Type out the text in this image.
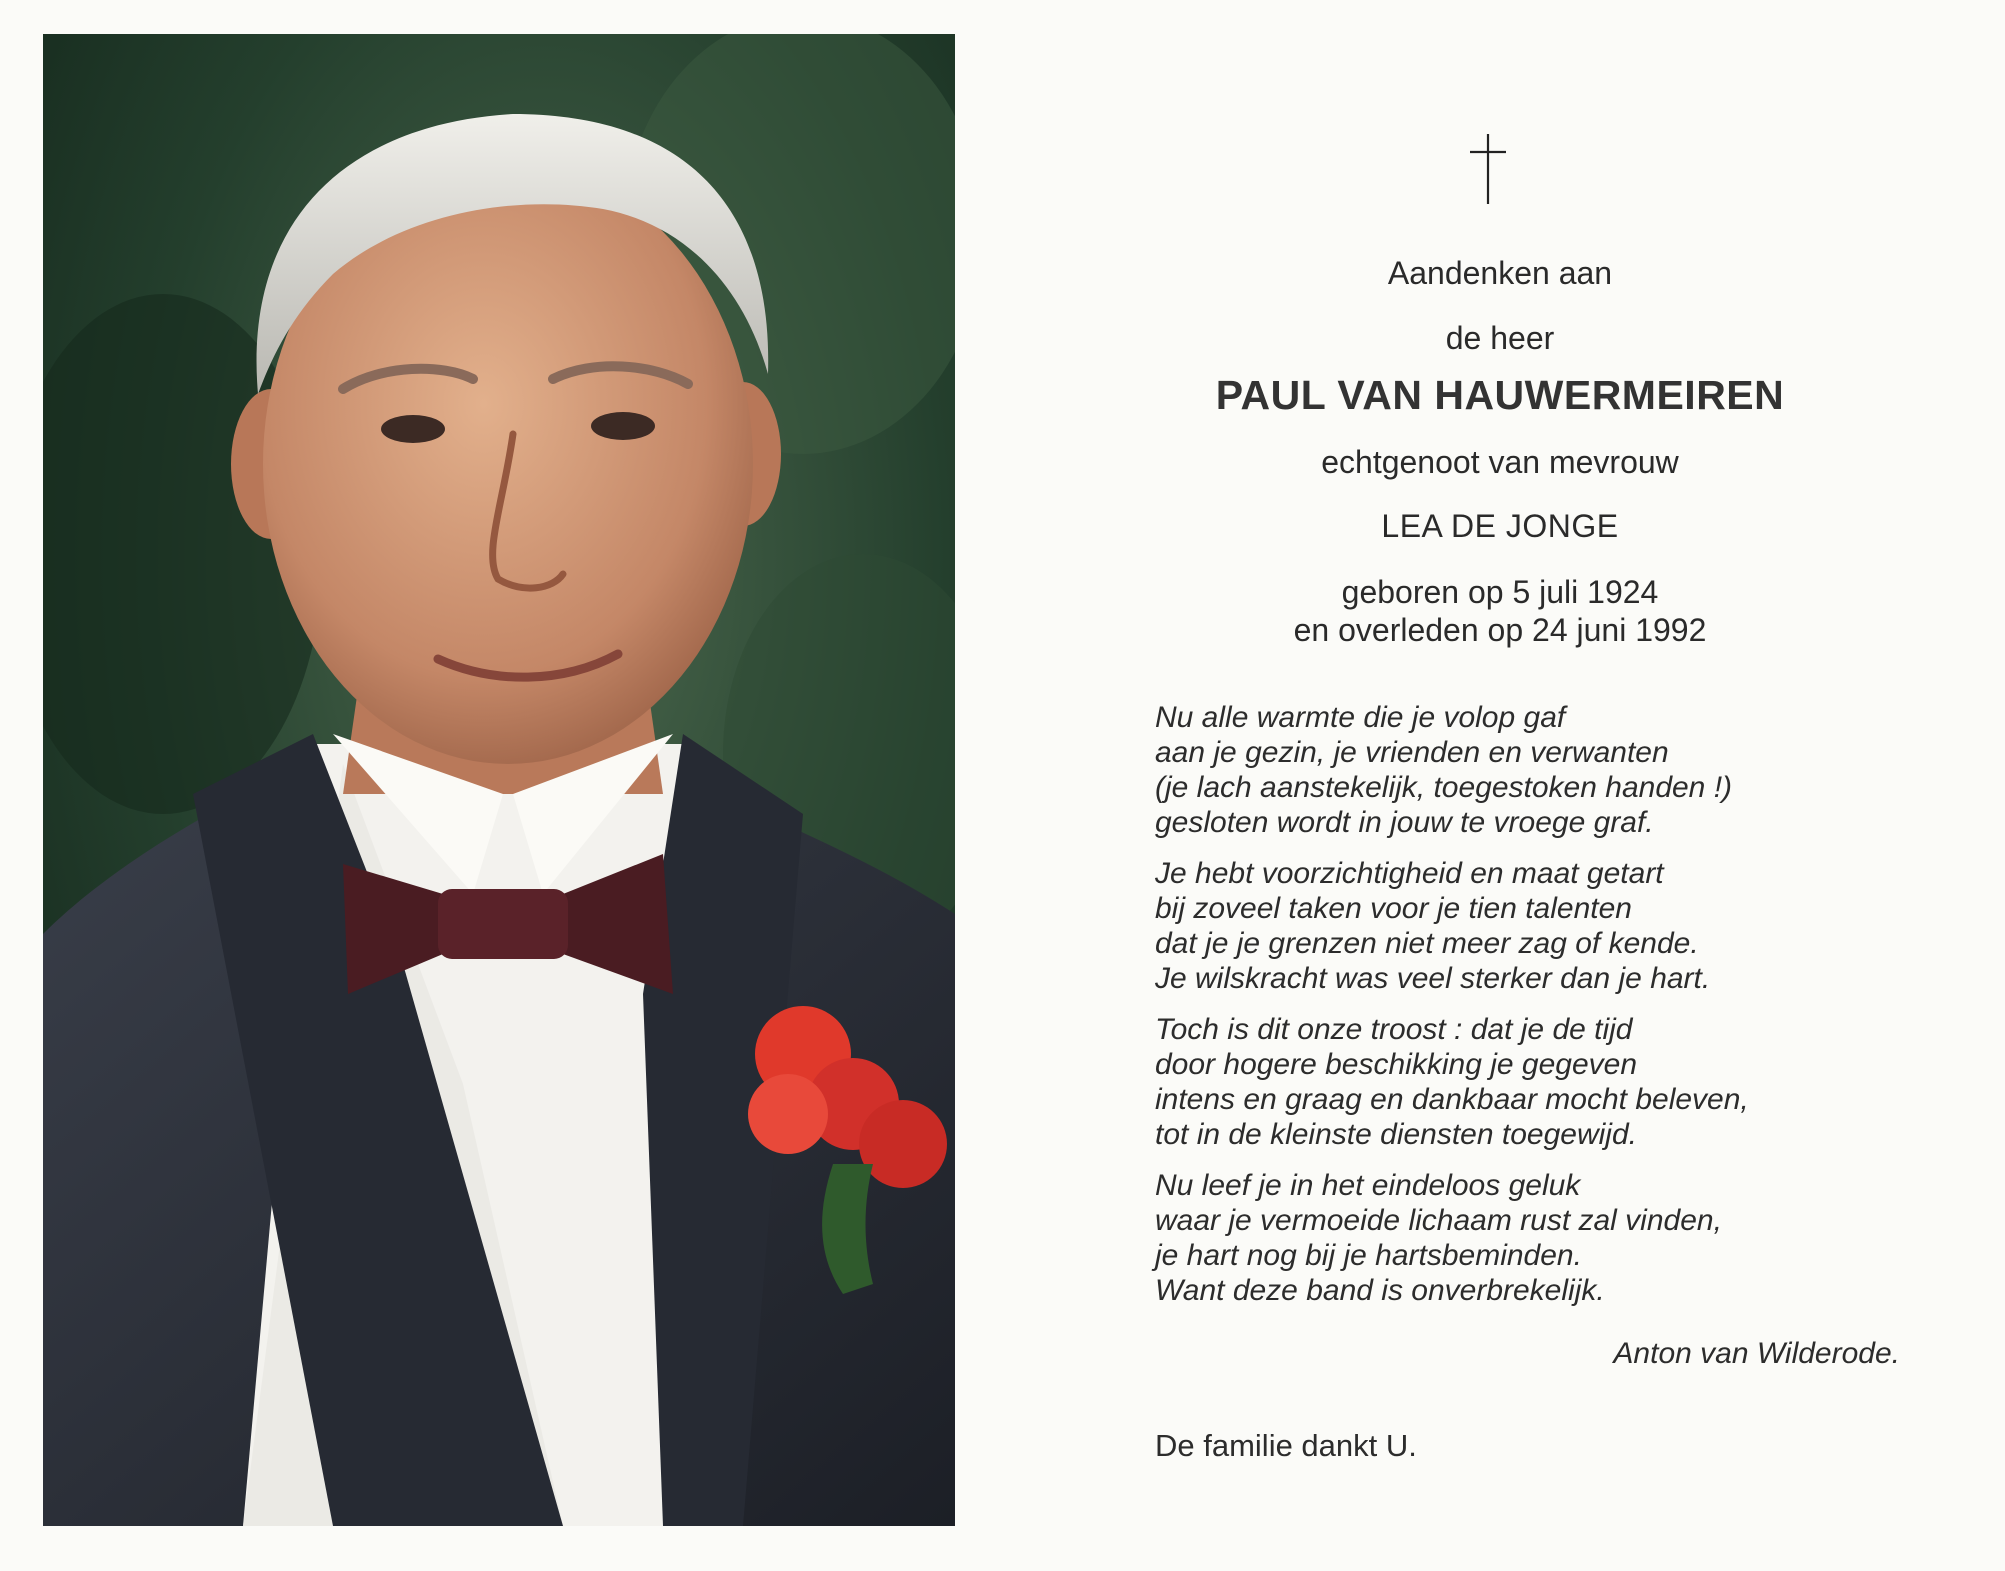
Aandenken aan
de heer
PAUL VAN HAUWERMEIREN
echtgenoot van mevrouw
LEA DE JONGE
geboren op 5 juli 1924
en overleden op 24 juni 1992
Nu alle warmte die je volop gaf
aan je gezin, je vrienden en verwanten
(je lach aanstekelijk, toegestoken handen !)
gesloten wordt in jouw te vroege graf.
Je hebt voorzichtigheid en maat getart
bij zoveel taken voor je tien talenten
dat je je grenzen niet meer zag of kende.
Je wilskracht was veel sterker dan je hart.
Toch is dit onze troost : dat je de tijd
door hogere beschikking je gegeven
intens en graag en dankbaar mocht beleven,
tot in de kleinste diensten toegewijd.
Nu leef je in het eindeloos geluk
waar je vermoeide lichaam rust zal vinden,
je hart nog bij je hartsbeminden.
Want deze band is onverbrekelijk.
Anton van Wilderode.
De familie dankt U.
